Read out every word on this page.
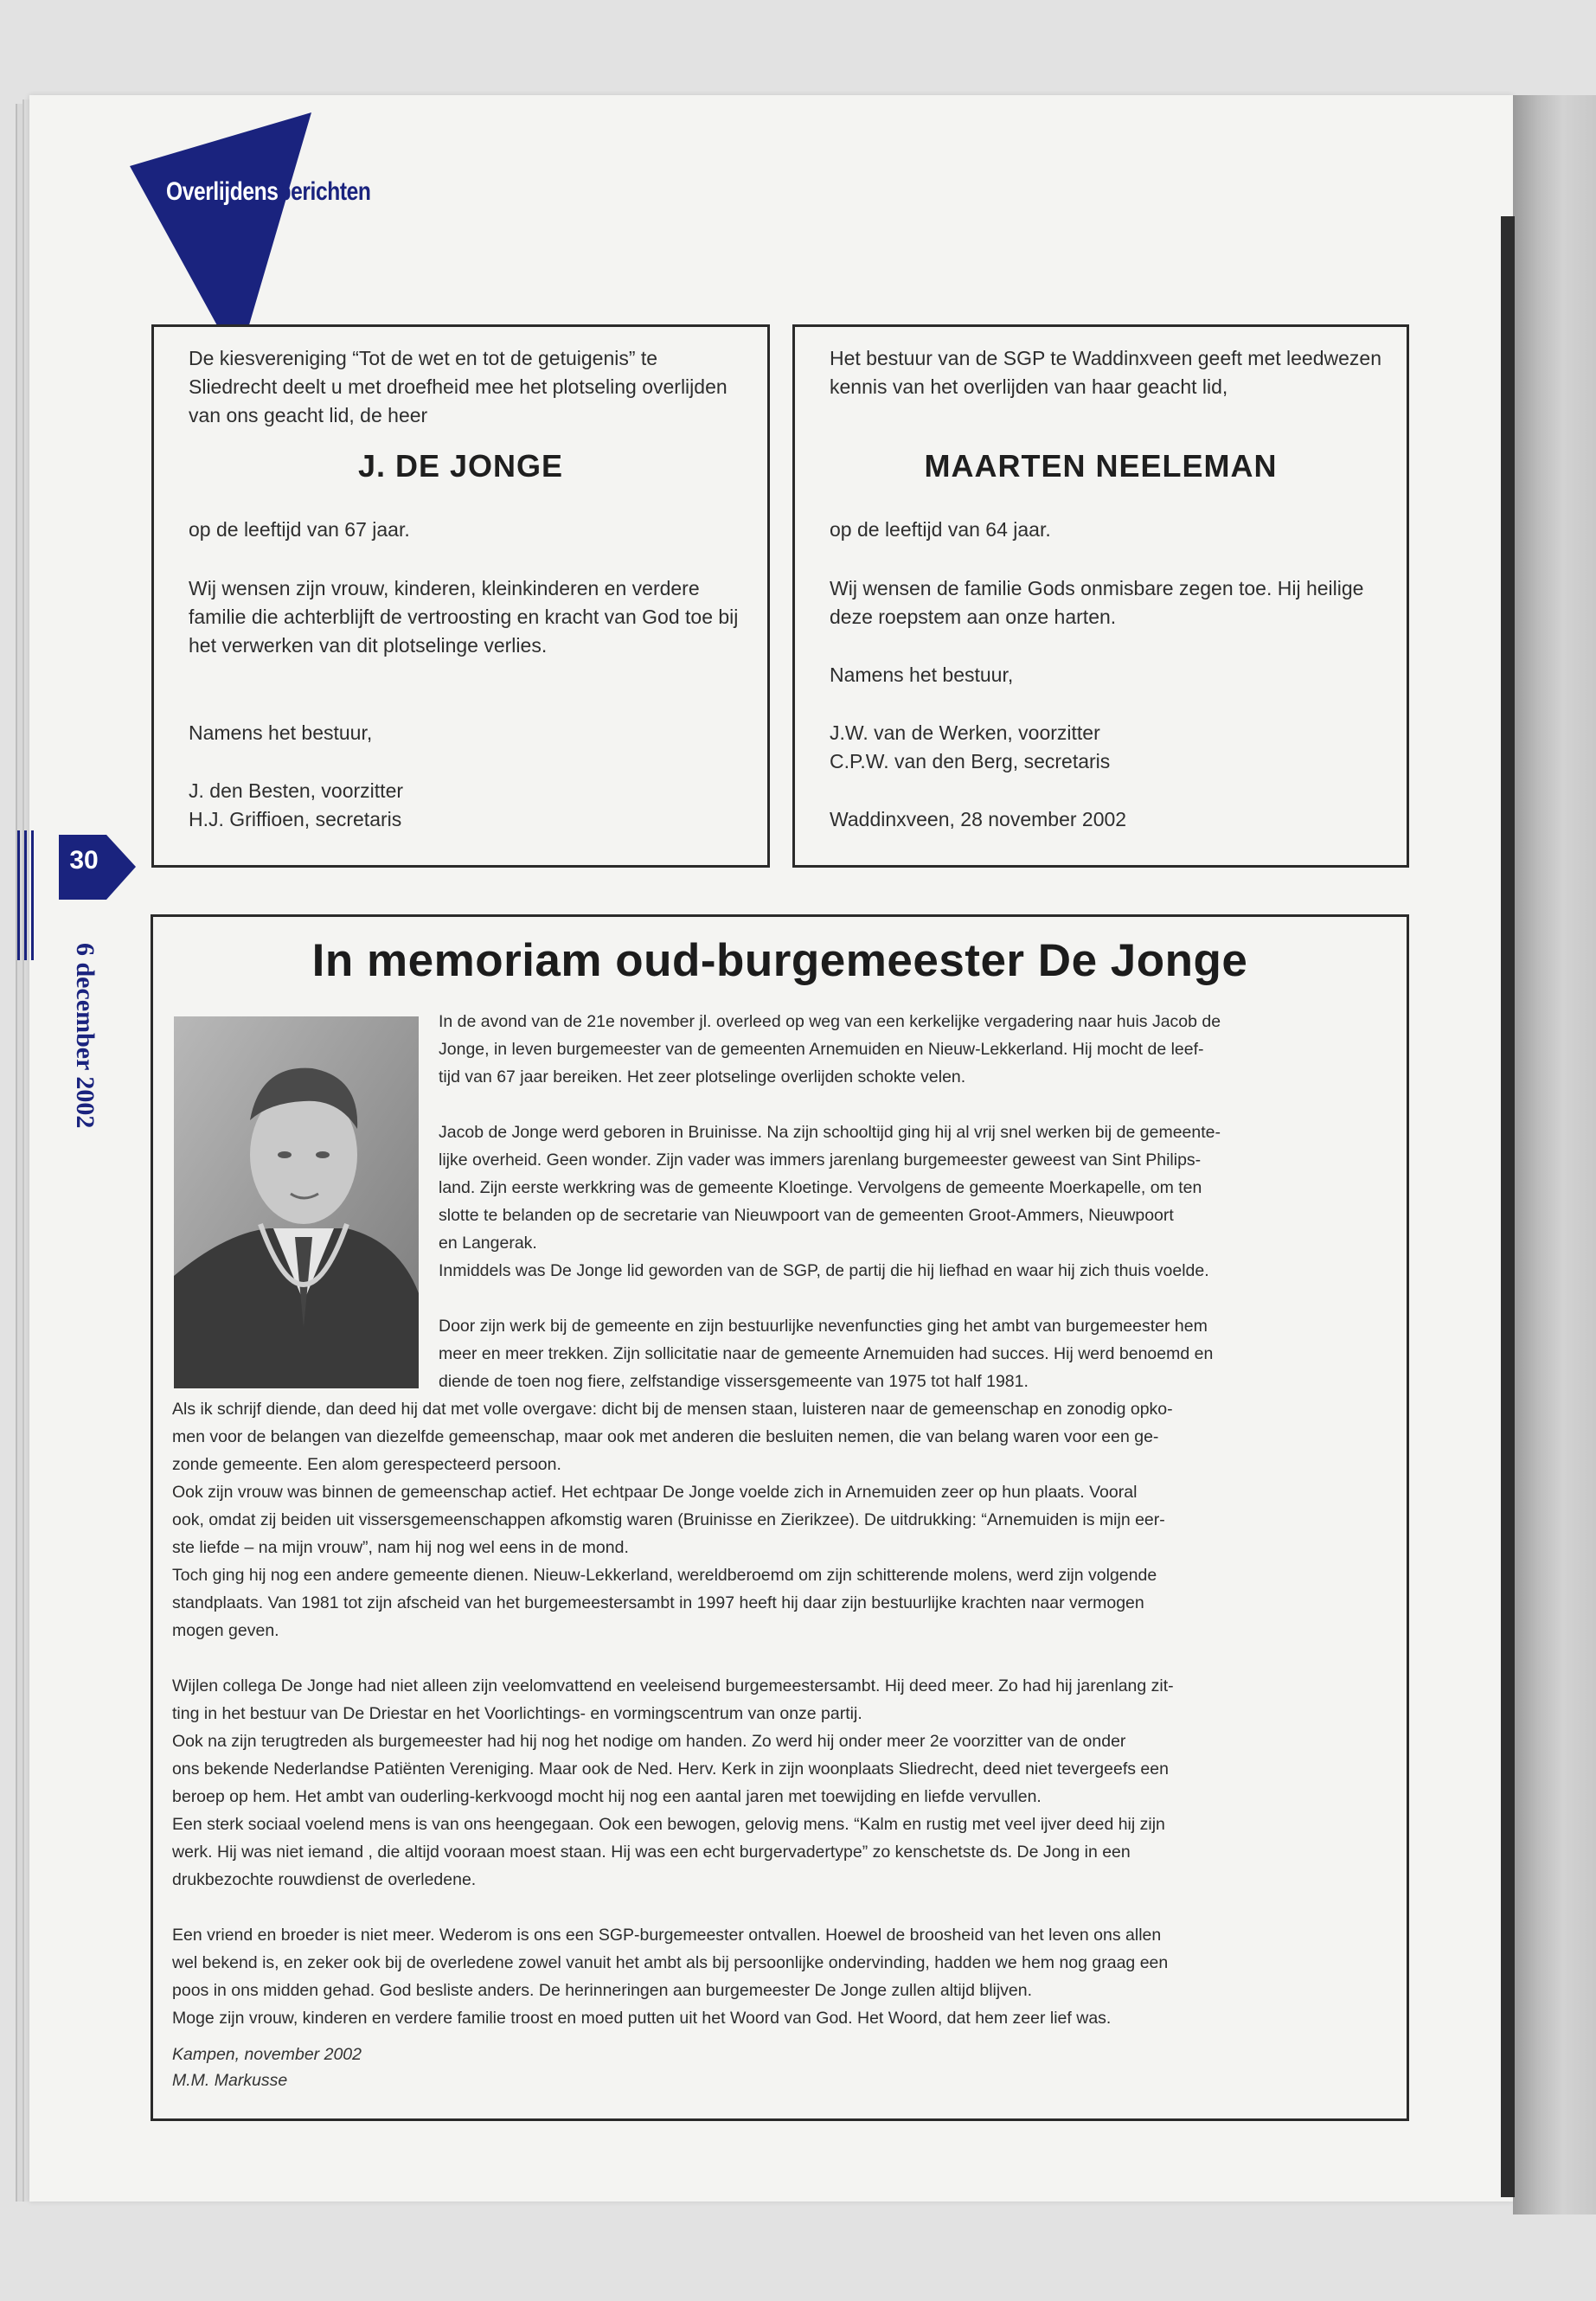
Overlijdensberichten

De kiesvereniging “Tot de wet en tot de getuigenis” te Sliedrecht deelt u met droefheid mee het plotseling overlijden van ons geacht lid, de heer

J. DE JONGE

op de leeftijd van 67 jaar.

Wij wensen zijn vrouw, kinderen, kleinkinderen en verdere familie die achterblijft de vertroosting en kracht van God toe bij het verwerken van dit plotselinge verlies.

Namens het bestuur,

J. den Besten, voorzitter

H.J. Griffioen, secretaris

Het bestuur van de SGP te Waddinxveen geeft met leedwezen kennis van het overlijden van haar geacht lid,

MAARTEN NEELEMAN

op de leeftijd van 64 jaar.

Wij wensen de familie Gods onmisbare zegen toe. Hij heilige deze roepstem aan onze harten.

Namens het bestuur,

J.W. van de Werken, voorzitter

C.P.W. van den Berg, secretaris

Waddinxveen, 28 november 2002

30
6 december 2002	In memoriam oud-burgemeester De Jonge

In de avond van de 21e november jl. overleed op weg van een kerkelijke vergadering naar huis Jacob de

Jonge, in leven burgemeester van de gemeenten Arnemuiden en Nieuw-Lekkerland. Hij mocht de leef-

tijd van 67 jaar bereiken. Het zeer plotselinge overlijden schokte velen.

Jacob de Jonge werd geboren in Bruinisse. Na zijn schooltijd ging hij al vrij snel werken bij de gemeente-

lijke overheid. Geen wonder. Zijn vader was immers jarenlang burgemeester geweest van Sint Philips-

land. Zijn eerste werkkring was de gemeente Kloetinge. Vervolgens de gemeente Moerkapelle, om ten

slotte te belanden op de secretarie van Nieuwpoort van de gemeenten Groot-Ammers, Nieuwpoort

en Langerak.

Inmiddels was De Jonge lid geworden van de SGP, de partij die hij liefhad en waar hij zich thuis voelde.

Door zijn werk bij de gemeente en zijn bestuurlijke nevenfuncties ging het ambt van burgemeester hem

meer en meer trekken. Zijn sollicitatie naar de gemeente Arnemuiden had succes. Hij werd benoemd en

diende de toen nog fiere, zelfstandige vissersgemeente van 1975 tot half 1981.

Als ik schrijf diende, dan deed hij dat met volle overgave: dicht bij de mensen staan, luisteren naar de gemeenschap en zonodig opko-

men voor de belangen van diezelfde gemeenschap, maar ook met anderen die besluiten nemen, die van belang waren voor een ge-

zonde gemeente. Een alom gerespecteerd persoon.

Ook zijn vrouw was binnen de gemeenschap actief. Het echtpaar De Jonge voelde zich in Arnemuiden zeer op hun plaats. Vooral

ook, omdat zij beiden uit vissersgemeenschappen afkomstig waren (Bruinisse en Zierikzee). De uitdrukking: “Arnemuiden is mijn eer-

ste liefde – na mijn vrouw”, nam hij nog wel eens in de mond.

Toch ging hij nog een andere gemeente dienen. Nieuw-Lekkerland, wereldberoemd om zijn schitterende molens, werd zijn volgende

standplaats. Van 1981 tot zijn afscheid van het burgemeestersambt in 1997 heeft hij daar zijn bestuurlijke krachten naar vermogen

mogen geven.

Wijlen collega De Jonge had niet alleen zijn veelomvattend en veeleisend burgemeestersambt. Hij deed meer. Zo had hij jarenlang zit-

ting in het bestuur van De Driestar en het Voorlichtings- en vormingscentrum van onze partij.

Ook na zijn terugtreden als burgemeester had hij nog het nodige om handen. Zo werd hij onder meer 2e voorzitter van de onder

ons bekende Nederlandse Patiënten Vereniging. Maar ook de Ned. Herv. Kerk in zijn woonplaats Sliedrecht, deed niet tevergeefs een

beroep op hem. Het ambt van ouderling-kerkvoogd mocht hij nog een aantal jaren met toewijding en liefde vervullen.

Een sterk sociaal voelend mens is van ons heengegaan. Ook een bewogen, gelovig mens. “Kalm en rustig met veel ijver deed hij zijn

werk. Hij was niet iemand , die altijd vooraan moest staan. Hij was een echt burgervadertype” zo kenschetste ds. De Jong in een

drukbezochte rouwdienst de overledene.

Een vriend en broeder is niet meer. Wederom is ons een SGP-burgemeester ontvallen. Hoewel de broosheid van het leven ons allen

wel bekend is, en zeker ook bij de overledene zowel vanuit het ambt als bij persoonlijke ondervinding, hadden we hem nog graag een

poos in ons midden gehad. God besliste anders. De herinneringen aan burgemeester De Jonge zullen altijd blijven.

Moge zijn vrouw, kinderen en verdere familie troost en moed putten uit het Woord van God. Het Woord, dat hem zeer lief was.

Kampen, november 2002
M.M. Markusse
